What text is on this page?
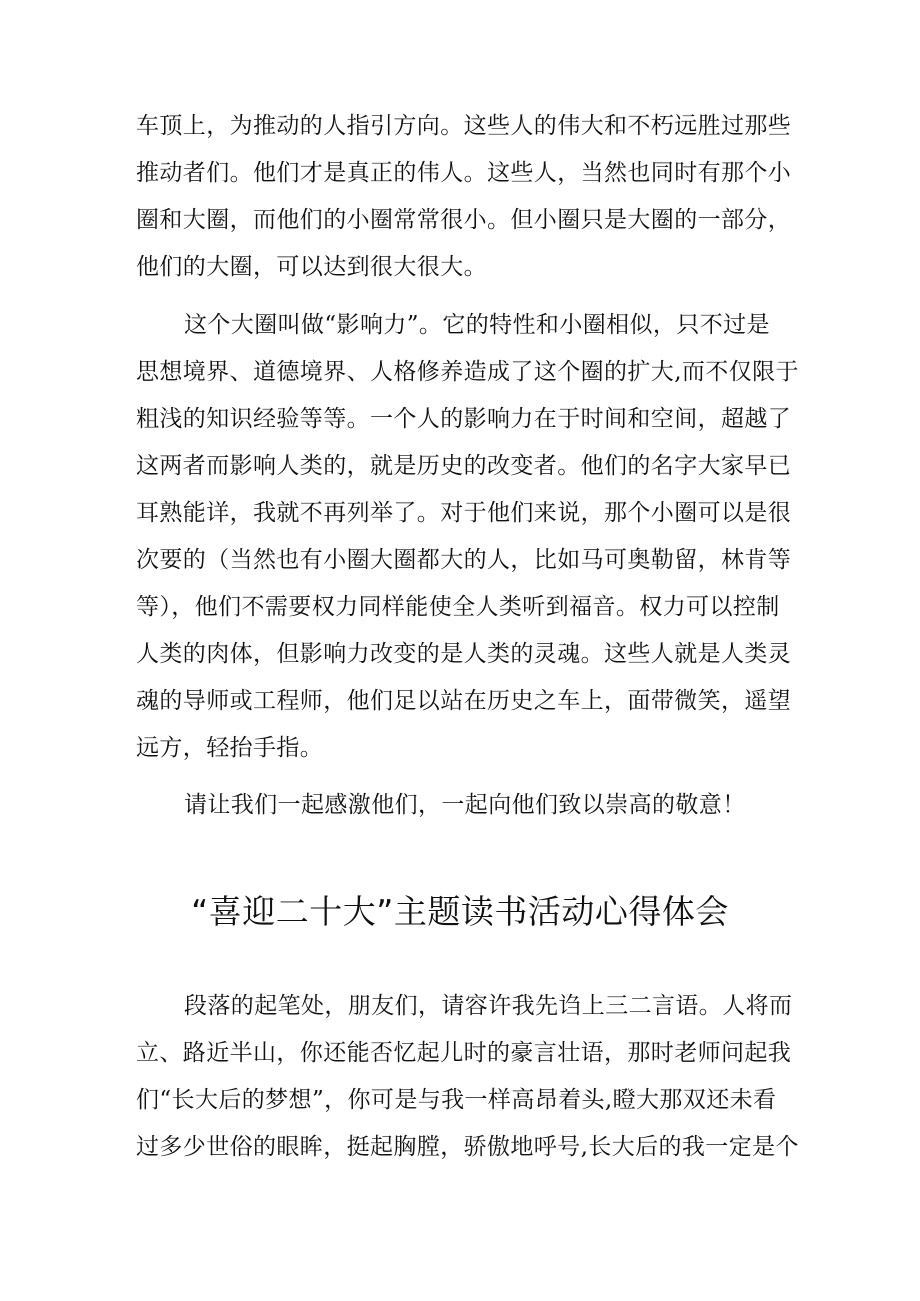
车顶上，为推动的人指引方向。这些人的伟大和不朽远胜过那些
推动者们。他们才是真正的伟人。这些人，当然也同时有那个小
圈和大圈，而他们的小圈常常很小。但小圈只是大圈的一部分，
他们的大圈，可以达到很大很大。
这个大圈叫做“影响力”。它的特性和小圈相似，只不过是
思想境界、道德境界、人格修养造成了这个圈的扩大,而不仅限于
粗浅的知识经验等等。一个人的影响力在于时间和空间，超越了
这两者而影响人类的，就是历史的改变者。他们的名字大家早已
耳熟能详，我就不再列举了。对于他们来说，那个小圈可以是很
次要的（当然也有小圈大圈都大的人，比如马可奥勒留，林肯等
等），他们不需要权力同样能使全人类听到福音。权力可以控制
人类的肉体，但影响力改变的是人类的灵魂。这些人就是人类灵
魂的导师或工程师，他们足以站在历史之车上，面带微笑，遥望
远方，轻抬手指。
请让我们一起感激他们，一起向他们致以崇高的敬意！
“喜迎二十大”主题读书活动心得体会
段落的起笔处，朋友们，请容许我先诌上三二言语。人将而
立、路近半山，你还能否忆起儿时的豪言壮语，那时老师问起我
们“长大后的梦想”，你可是与我一样高昂着头,瞪大那双还未看
过多少世俗的眼眸，挺起胸膛，骄傲地呼号,长大后的我一定是个
